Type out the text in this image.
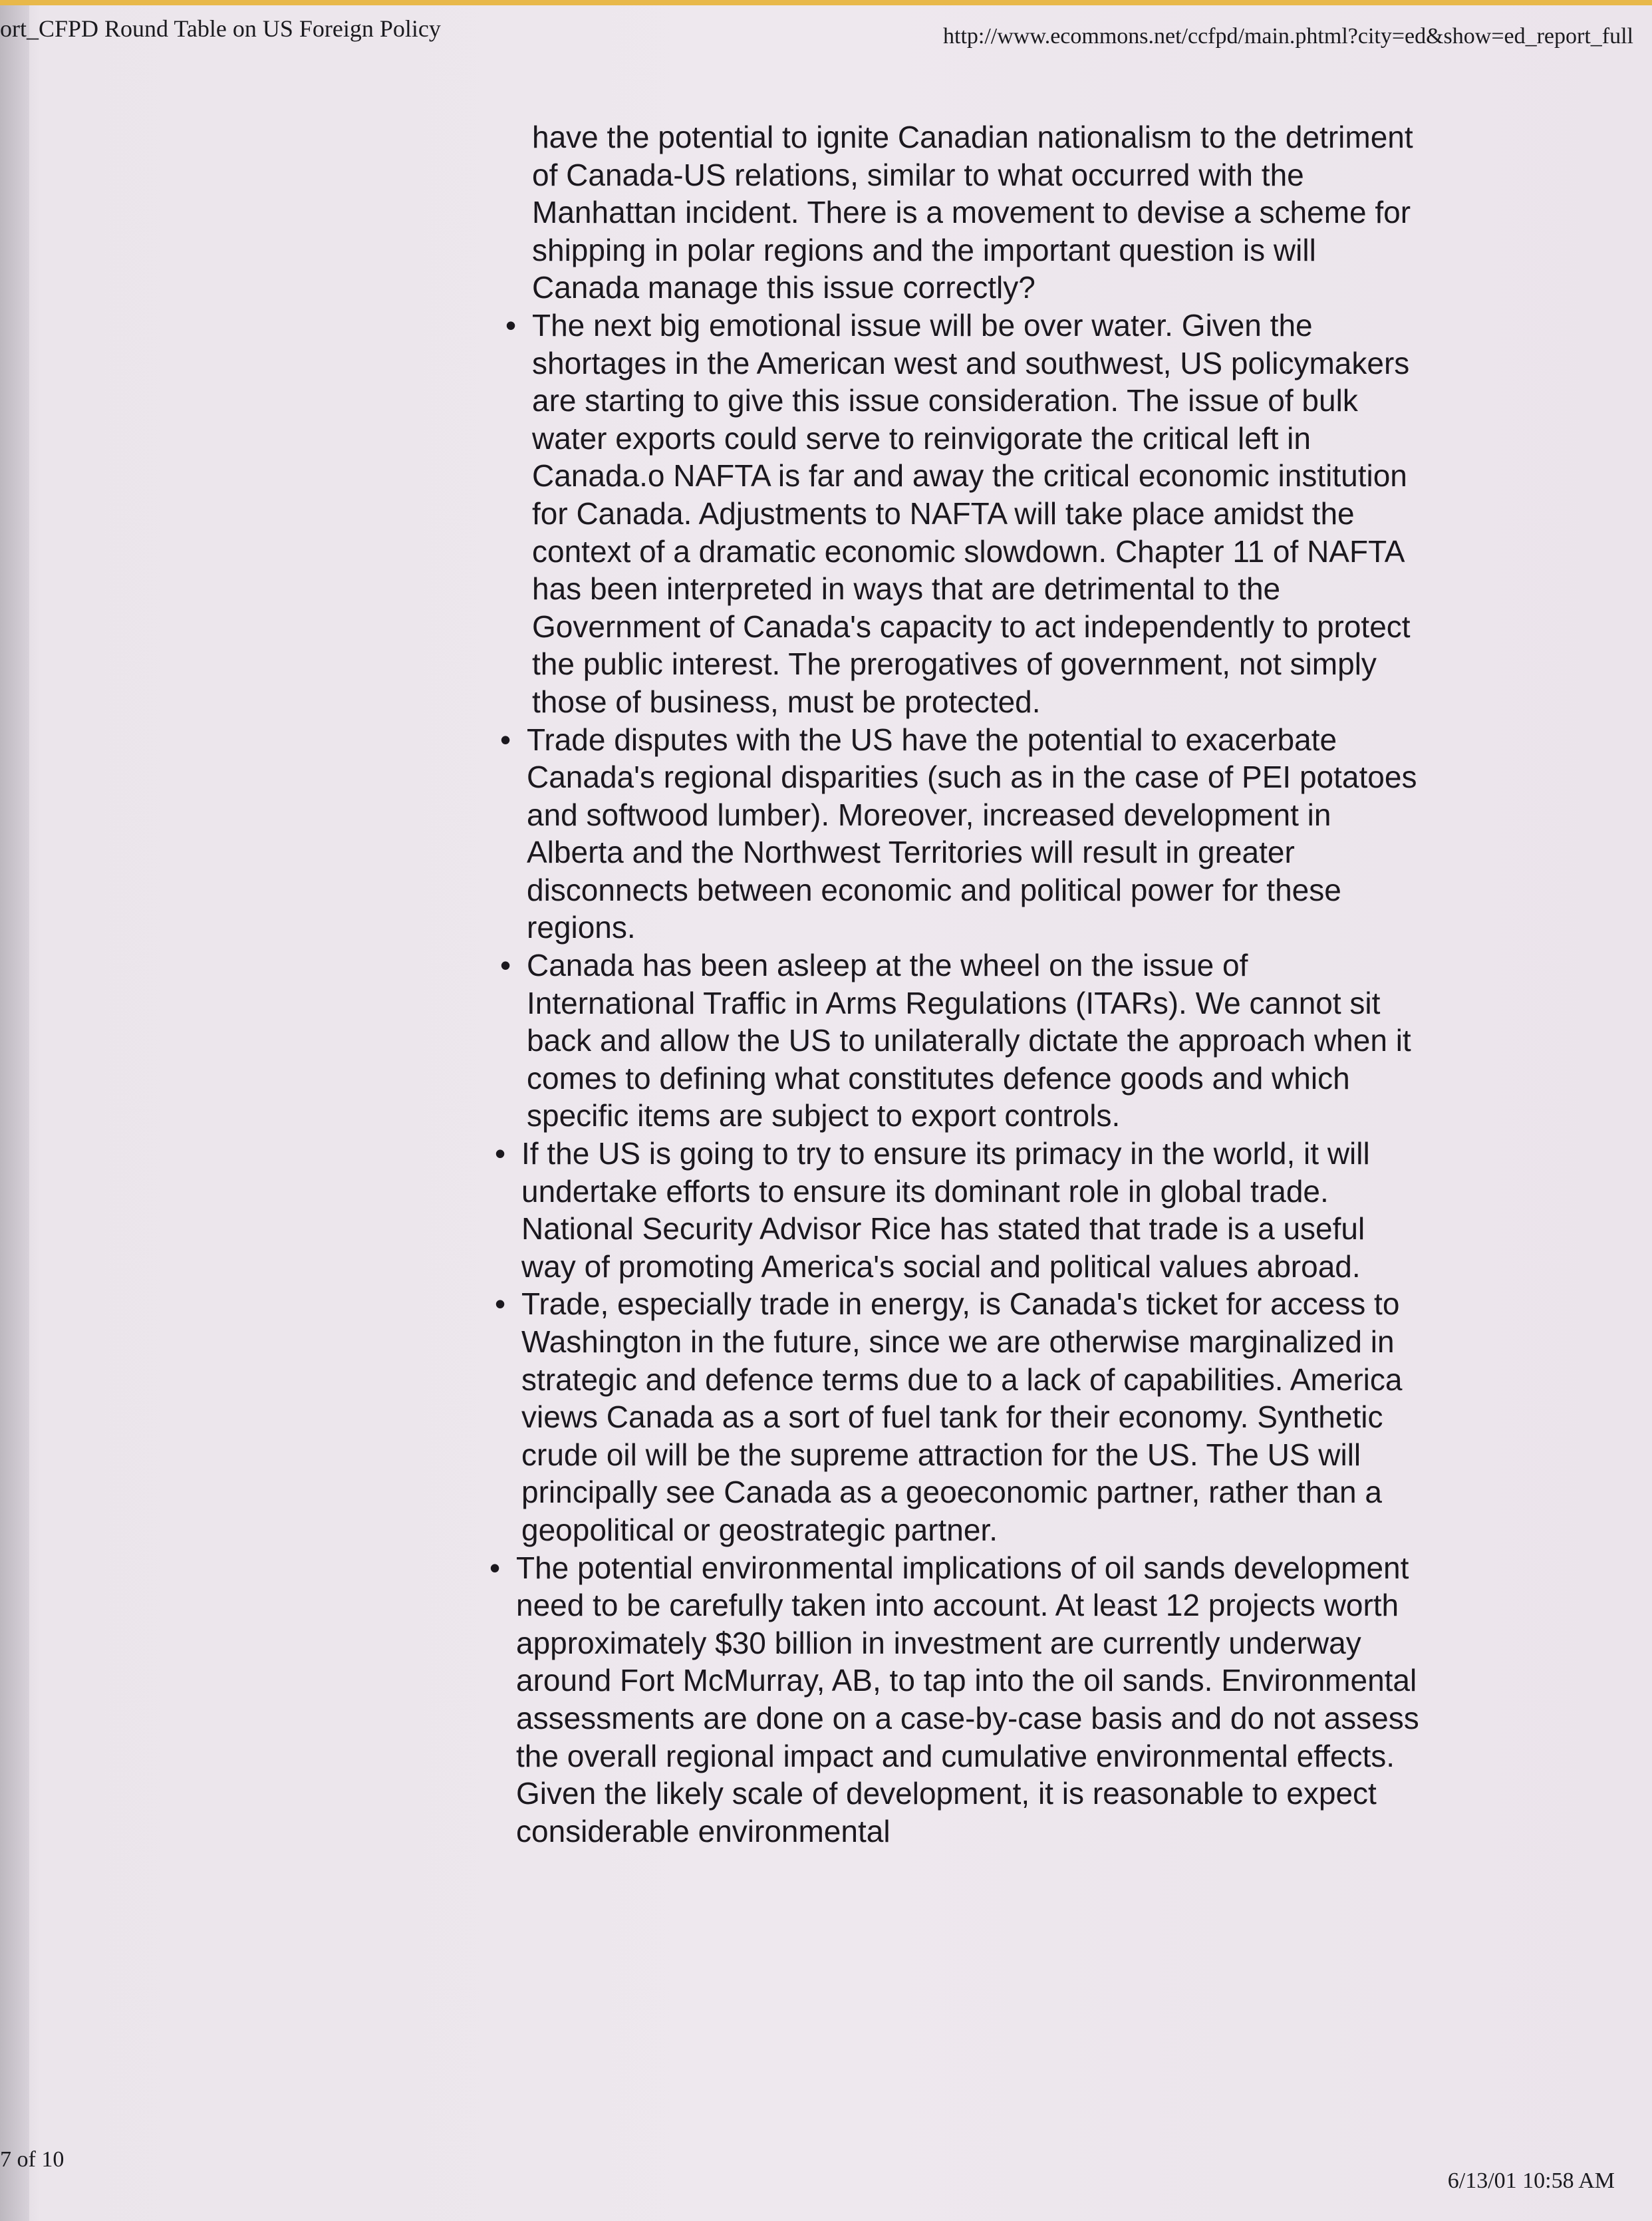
ort_CFPD Round Table on US Foreign Policy	http://www.ecommons.net/ccfpd/main.phtml?city=ed&show=ed_report_full

have the potential to ignite Canadian nationalism to the detriment of Canada-US relations, similar to what occurred with the Manhattan incident. There is a movement to devise a scheme for shipping in polar regions and the important question is will Canada manage this issue correctly?

• The next big emotional issue will be over water. Given the shortages in the American west and southwest, US policymakers are starting to give this issue consideration. The issue of bulk water exports could serve to reinvigorate the critical left in Canada.o NAFTA is far and away the critical economic institution for Canada. Adjustments to NAFTA will take place amidst the context of a dramatic economic slowdown. Chapter 11 of NAFTA has been interpreted in ways that are detrimental to the Government of Canada's capacity to act independently to protect the public interest. The prerogatives of government, not simply those of business, must be protected.
• Trade disputes with the US have the potential to exacerbate Canada's regional disparities (such as in the case of PEI potatoes and softwood lumber). Moreover, increased development in Alberta and the Northwest Territories will result in greater disconnects between economic and political power for these regions.
• Canada has been asleep at the wheel on the issue of International Traffic in Arms Regulations (ITARs). We cannot sit back and allow the US to unilaterally dictate the approach when it comes to defining what constitutes defence goods and which specific items are subject to export controls.
• If the US is going to try to ensure its primacy in the world, it will undertake efforts to ensure its dominant role in global trade. National Security Advisor Rice has stated that trade is a useful way of promoting America's social and political values abroad.
• Trade, especially trade in energy, is Canada's ticket for access to Washington in the future, since we are otherwise marginalized in strategic and defence terms due to a lack of capabilities. America views Canada as a sort of fuel tank for their economy. Synthetic crude oil will be the supreme attraction for the US. The US will principally see Canada as a geoeconomic partner, rather than a geopolitical or geostrategic partner.
• The potential environmental implications of oil sands development need to be carefully taken into account. At least 12 projects worth approximately $30 billion in investment are currently underway around Fort McMurray, AB, to tap into the oil sands. Environmental assessments are done on a case-by-case basis and do not assess the overall regional impact and cumulative environmental effects. Given the likely scale of development, it is reasonable to expect considerable environmental
7 of 10
6/13/01 10:58 AM
